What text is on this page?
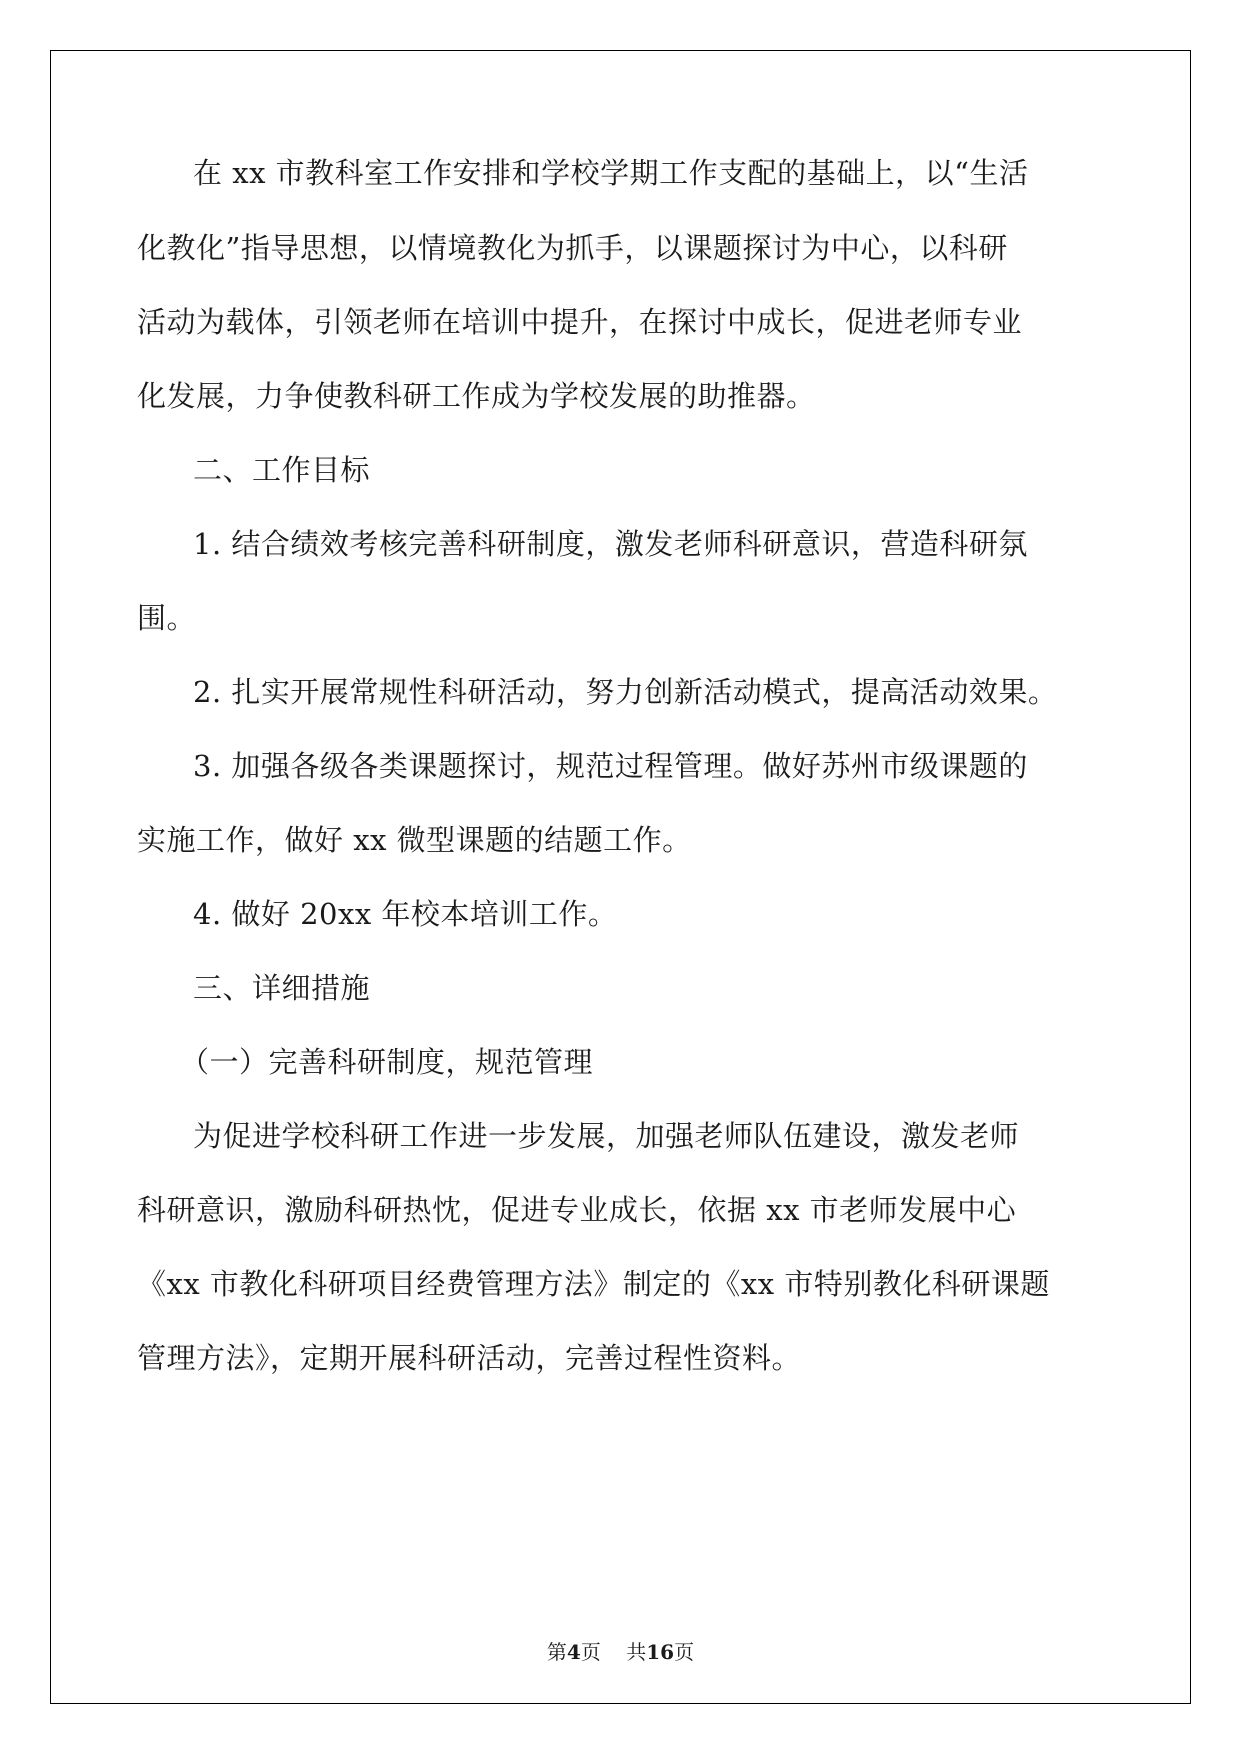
在 xx 市教科室工作安排和学校学期工作支配的基础上，以“生活
化教化”指导思想，以情境教化为抓手，以课题探讨为中心，以科研
活动为载体，引领老师在培训中提升，在探讨中成长，促进老师专业
化发展，力争使教科研工作成为学校发展的助推器。
二、工作目标
1. 结合绩效考核完善科研制度，激发老师科研意识，营造科研氛
围。
2. 扎实开展常规性科研活动，努力创新活动模式，提高活动效果。
3. 加强各级各类课题探讨，规范过程管理。做好苏州市级课题的
实施工作，做好 xx 微型课题的结题工作。
4. 做好 20xx 年校本培训工作。
三、详细措施
（一）完善科研制度，规范管理
为促进学校科研工作进一步发展，加强老师队伍建设，激发老师
科研意识，激励科研热忱，促进专业成长，依据 xx 市老师发展中心
《xx 市教化科研项目经费管理方法》制定的《xx 市特别教化科研课题
管理方法》，定期开展科研活动，完善过程性资料。
第4页 共16页
